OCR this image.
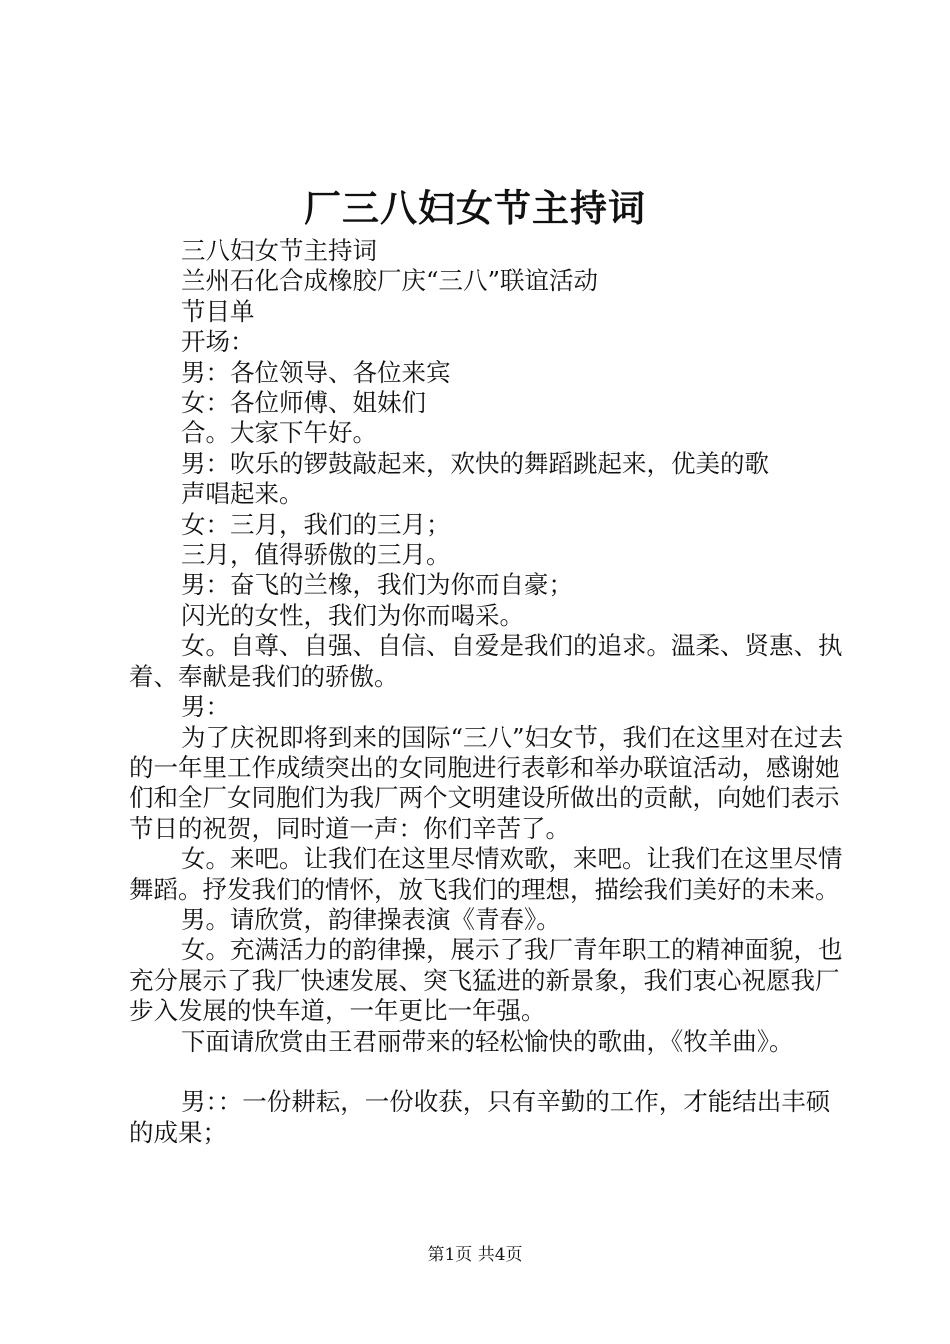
厂三八妇女节主持词

三八妇女节主持词

兰州石化合成橡胶厂庆“三八”联谊活动

节目单

开场：

男：各位领导、各位来宾

女：各位师傅、姐妹们

合。大家下午好。

男：吹乐的锣鼓敲起来，欢快的舞蹈跳起来，优美的歌

声唱起来。

女：三月，我们的三月；

三月，值得骄傲的三月。

男：奋飞的兰橡，我们为你而自豪；

闪光的女性，我们为你而喝采。

女。自尊、自强、自信、自爱是我们的追求。温柔、贤惠、执着、奉献是我们的骄傲。

男：

为了庆祝即将到来的国际“三八”妇女节，我们在这里对在过去的一年里工作成绩突出的女同胞进行表彰和举办联谊活动，感谢她们和全厂女同胞们为我厂两个文明建设所做出的贡献，向她们表示节日的祝贺，同时道一声：你们辛苦了。

女。来吧。让我们在这里尽情欢歌，来吧。让我们在这里尽情舞蹈。抒发我们的情怀，放飞我们的理想，描绘我们美好的未来。

男。请欣赏，韵律操表演《青春》。

女。充满活力的韵律操，展示了我厂青年职工的精神面貌，也充分展示了我厂快速发展、突飞猛进的新景象，我们衷心祝愿我厂步入发展的快车道，一年更比一年强。

下面请欣赏由王君丽带来的轻松愉快的歌曲，《牧羊曲》。

男：：一份耕耘，一份收获，只有辛勤的工作，才能结出丰硕的成果；

第1页 共4页
